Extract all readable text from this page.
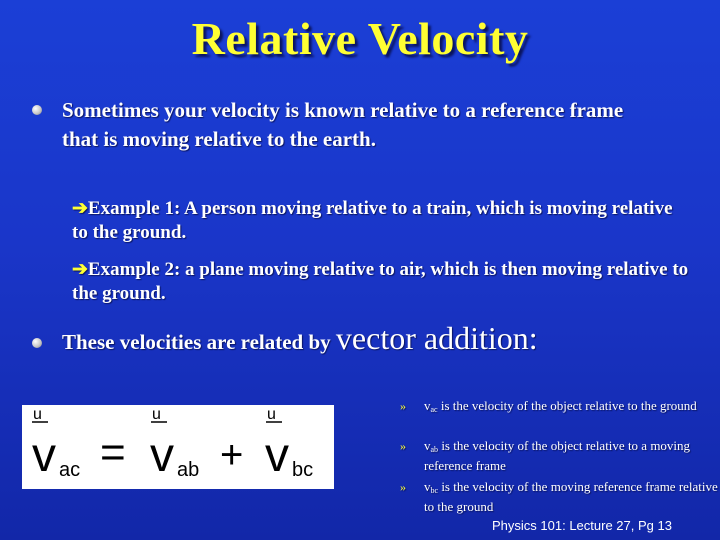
Relative Velocity
Sometimes your velocity is known relative to a reference frame that is moving relative to the earth.
➔Example 1: A person moving relative to a train, which is moving relative to the ground.
➔Example 2: a plane moving relative to air, which is then moving relative to the ground.
These velocities are related by vector addition:
u
v ac =
u
v ab +
u
v bc
» $v_{ac}$ is the velocity of the object relative to the ground
» $v_{ab}$ is the velocity of the object relative to a moving reference frame
» $v_{bc}$ is the velocity of the moving reference frame relative to the ground
Physics 101: Lecture 27, Pg 13
